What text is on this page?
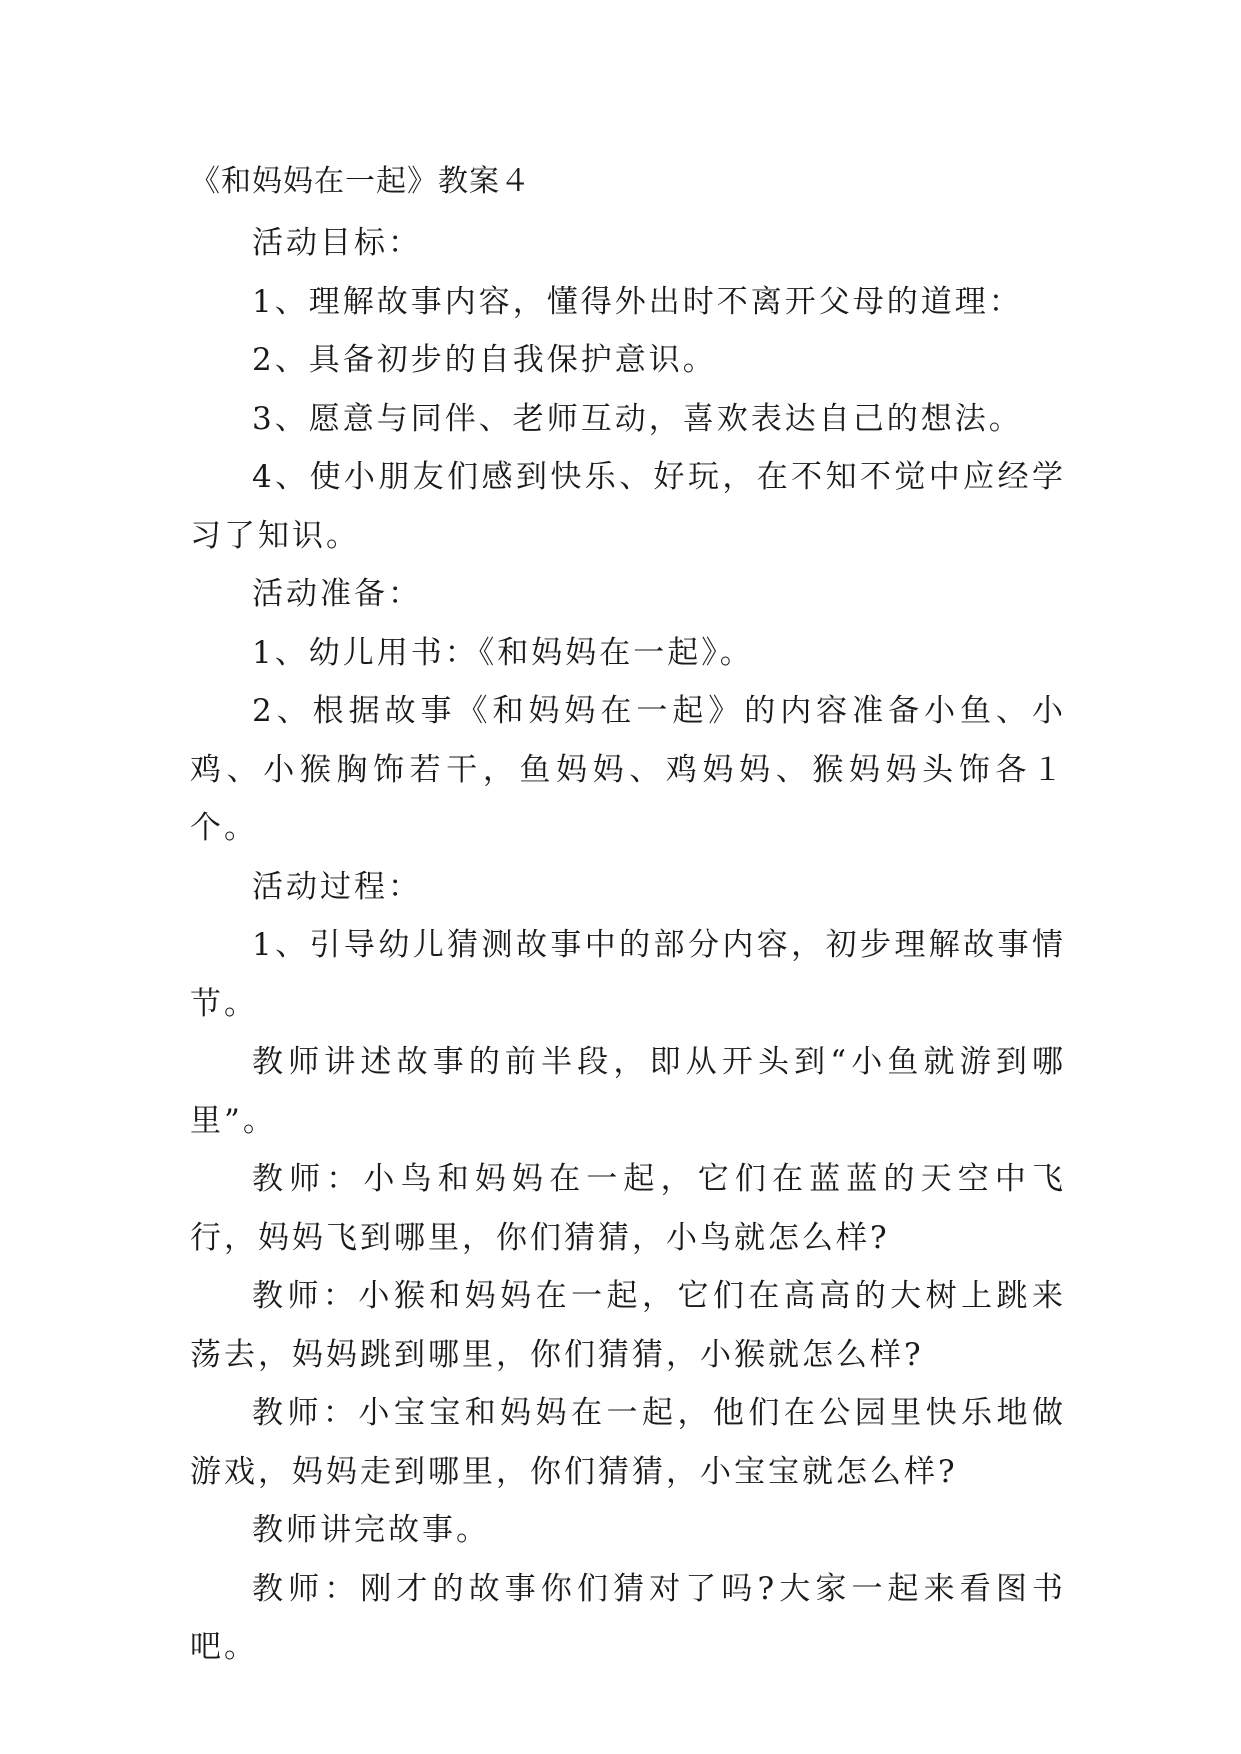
《和妈妈在一起》教案４

活动目标：

1、理解故事内容，懂得外出时不离开父母的道理：

2、具备初步的自我保护意识。

3、愿意与同伴、老师互动，喜欢表达自己的想法。

4、使小朋友们感到快乐、好玩，在不知不觉中应经学习了知识。

活动准备：

1、幼儿用书：《和妈妈在一起》。

2、根据故事《和妈妈在一起》的内容准备小鱼、小鸡、小猴胸饰若干，鱼妈妈、鸡妈妈、猴妈妈头饰各１个。

活动过程：

1、引导幼儿猜测故事中的部分内容，初步理解故事情节。

教师讲述故事的前半段，即从开头到“小鱼就游到哪里”。

教师：小鸟和妈妈在一起，它们在蓝蓝的天空中飞行，妈妈飞到哪里，你们猜猜，小鸟就怎么样?

教师：小猴和妈妈在一起，它们在高高的大树上跳来荡去，妈妈跳到哪里，你们猜猜，小猴就怎么样?

教师：小宝宝和妈妈在一起，他们在公园里快乐地做游戏，妈妈走到哪里，你们猜猜，小宝宝就怎么样?

教师讲完故事。

教师：刚才的故事你们猜对了吗?大家一起来看图书吧。
